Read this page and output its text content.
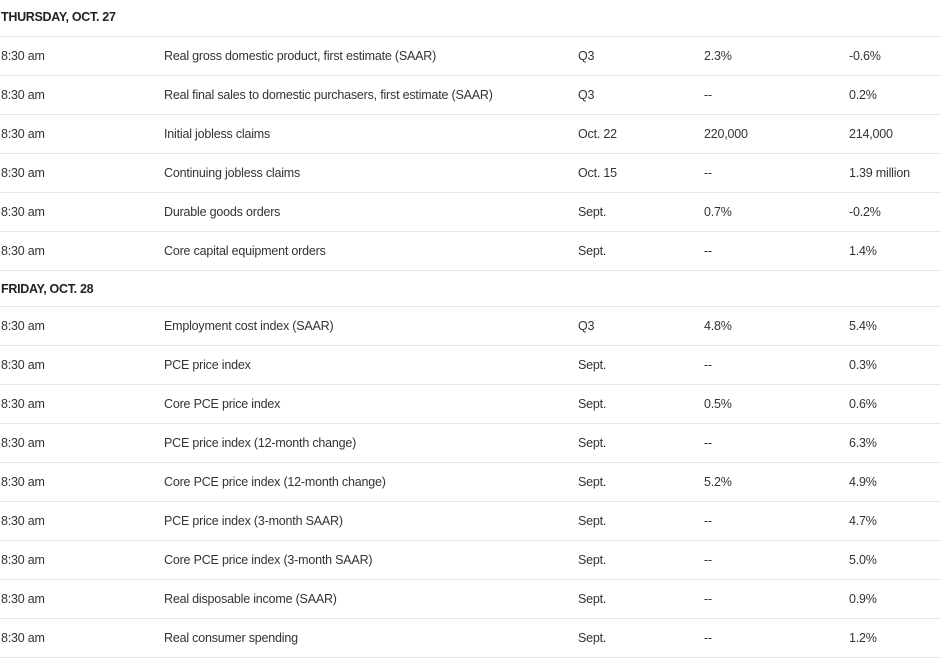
THURSDAY, OCT. 27
8:30 am	Real gross domestic product, first estimate (SAAR)	Q3	2.3%	-0.6%
8:30 am	Real final sales to domestic purchasers, first estimate (SAAR)	Q3	--	0.2%
8:30 am	Initial jobless claims	Oct. 22	220,000	214,000
8:30 am	Continuing jobless claims	Oct. 15	--	1.39 million
8:30 am	Durable goods orders	Sept.	0.7%	-0.2%
8:30 am	Core capital equipment orders	Sept.	--	1.4%
FRIDAY, OCT. 28
8:30 am	Employment cost index (SAAR)	Q3	4.8%	5.4%
8:30 am	PCE price index	Sept.	--	0.3%
8:30 am	Core PCE price index	Sept.	0.5%	0.6%
8:30 am	PCE price index (12-month change)	Sept.	--	6.3%
8:30 am	Core PCE price index (12-month change)	Sept.	5.2%	4.9%
8:30 am	PCE price index (3-month SAAR)	Sept.	--	4.7%
8:30 am	Core PCE price index (3-month SAAR)	Sept.	--	5.0%
8:30 am	Real disposable income (SAAR)	Sept.	--	0.9%
8:30 am	Real consumer spending	Sept.	--	1.2%
